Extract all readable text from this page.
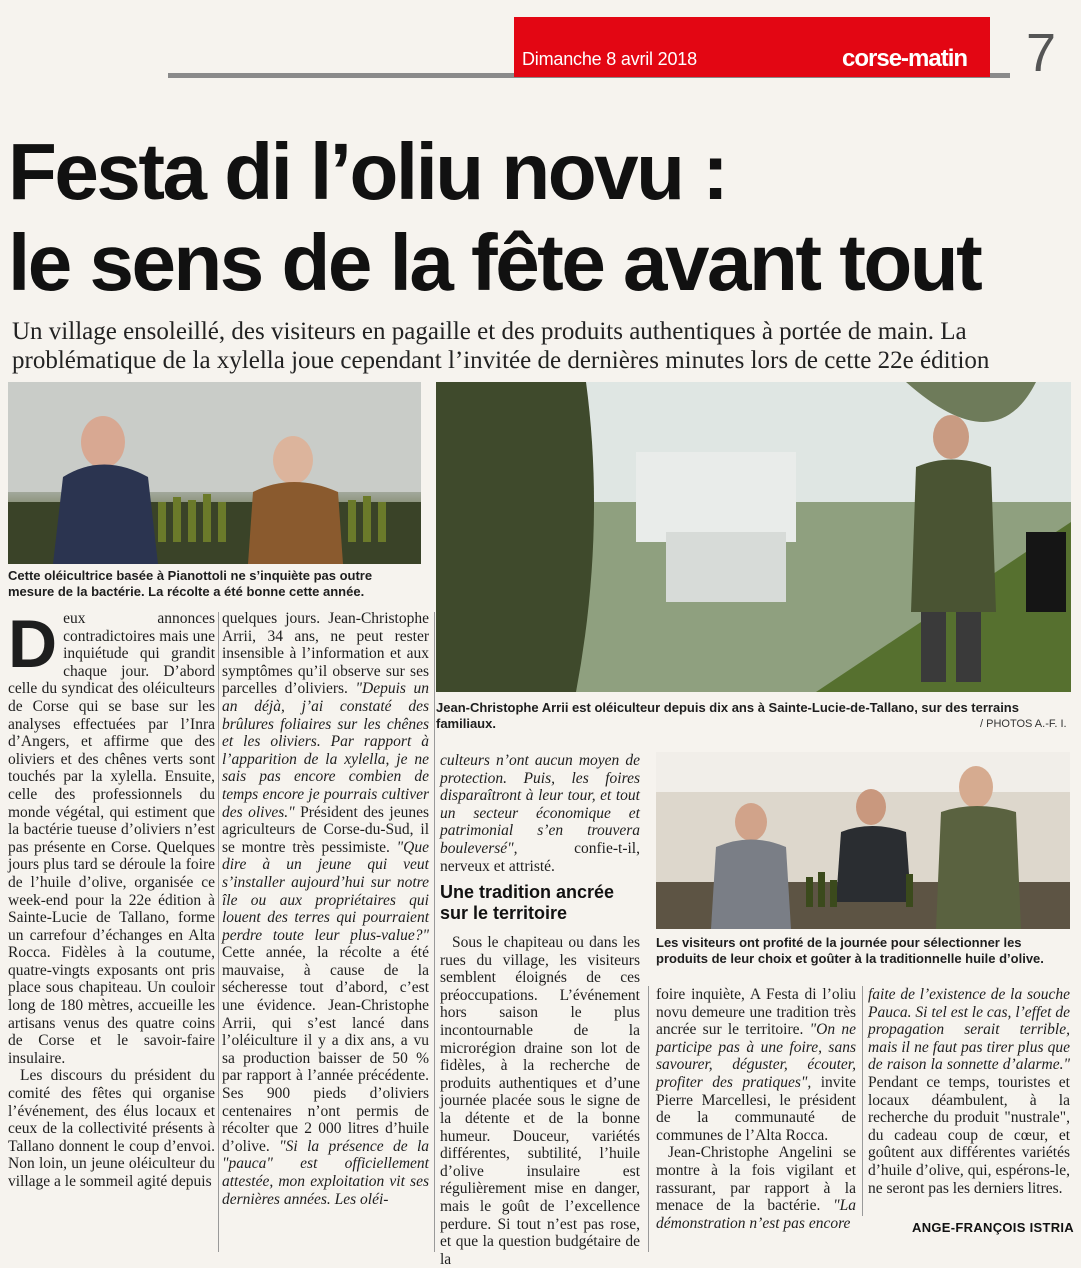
Dimanche 8 avril 2018	corse-matin 7
Festa di l’oliu novu :
le sens de la fête avant tout
Un village ensoleillé, des visiteurs en pagaille et des produits authentiques à portée de main. La
problématique de la xylella joue cependant l’invitée de dernières minutes lors de cette 22e édition
Cette oléicultrice basée à Pianottoli ne s’inquiète pas outre mesure de la bactérie. La récolte a été bonne cette année.
Jean-Christophe Arrii est oléiculteur depuis dix ans à Sainte-Lucie-de-Tallano, sur des terrains familiaux.	/ PHOTOS A.-F. I.
Les visiteurs ont profité de la journée pour sélectionner les produits de leur choix et goûter à la traditionnelle huile d’olive.

Deux annonces contradictoires mais une inquiétude qui grandit chaque jour. D’abord celle du syndicat des oléiculteurs de Corse qui se base sur les analyses effectuées par l’Inra d’Angers, et affirme que des oliviers et des chênes verts sont touchés par la xylella. Ensuite, celle des professionnels du monde végétal, qui estiment que la bactérie tueuse d’oliviers n’est pas présente en Corse. Quelques jours plus tard se déroule la foire de l’huile d’olive, organisée ce week-end pour la 22e édition à Sainte-Lucie de Tallano, forme un carrefour d’échanges en Alta Rocca. Fidèles à la coutume, quatre-vingts exposants ont pris place sous chapiteau. Un couloir long de 180 mètres, accueille les artisans venus des quatre coins de Corse et le savoir-faire insulaire.

Les discours du président du comité des fêtes qui organise l’événement, des élus locaux et ceux de la collectivité présents à Tallano donnent le coup d’envoi. Non loin, un jeune oléiculteur du village a le sommeil agité depuis

quelques jours. Jean-Christophe Arrii, 34 ans, ne peut rester insensible à l’information et aux symptômes qu’il observe sur ses parcelles d’oliviers. "Depuis un an déjà, j’ai constaté des brûlures foliaires sur les chênes et les oliviers. Par rapport à l’apparition de la xylella, je ne sais pas encore combien de temps encore je pourrais cultiver des olives." Président des jeunes agriculteurs de Corse-du-Sud, il se montre très pessimiste. "Que dire à un jeune qui veut s’installer aujourd’hui sur notre île ou aux propriétaires qui louent des terres qui pourraient perdre toute leur plus-value?" Cette année, la récolte a été mauvaise, à cause de la sécheresse tout d’abord, c’est une évidence. Jean-Christophe Arrii, qui s’est lancé dans l’oléiculture il y a dix ans, a vu sa production baisser de 50 % par rapport à l’année précédente. Ses 900 pieds d’oliviers centenaires n’ont permis de récolter que 2 000 litres d’huile d’olive. "Si la présence de la "pauca" est officiellement attestée, mon exploitation vit ses dernières années. Les oléi-

culteurs n’ont aucun moyen de protection. Puis, les foires disparaîtront à leur tour, et tout un secteur économique et patrimonial s’en trouvera bouleversé",	confie-t-il, nerveux et attristé.

Une tradition ancrée sur le territoire

Sous le chapiteau ou dans les rues du village, les visiteurs semblent éloignés de ces préoccupations. L’événement hors saison le plus incontournable de la microrégion draine son lot de fidèles, à la recherche de produits authentiques et d’une journée placée sous le signe de la détente et de la bonne humeur. Douceur, variétés différentes, subtilité, l’huile d’olive insulaire est régulièrement mise en danger, mais le goût de l’excellence perdure. Si tout n’est pas rose, et que la question budgétaire de la

foire inquiète, A Festa di l’oliu novu demeure une tradition très ancrée sur le territoire. "On ne participe pas à une foire, sans savourer, déguster, écouter, profiter des pratiques", invite Pierre Marcellesi, le président de la communauté de communes de l’Alta Rocca.

Jean-Christophe Angelini se montre à la fois vigilant et rassurant, par rapport à la menace de la bactérie. "La démonstration n’est pas encore

faite de l’existence de la souche Pauca. Si tel est le cas, l’effet de propagation serait terrible, mais il ne faut pas tirer plus que de raison la sonnette d’alarme." Pendant ce temps, touristes et locaux déambulent, à la recherche du produit "nustrale", du cadeau coup de cœur, et goûtent aux différentes variétés d’huile d’olive, qui, espérons-le, ne seront pas les derniers litres.

ANGE-FRANÇOIS ISTRIA
